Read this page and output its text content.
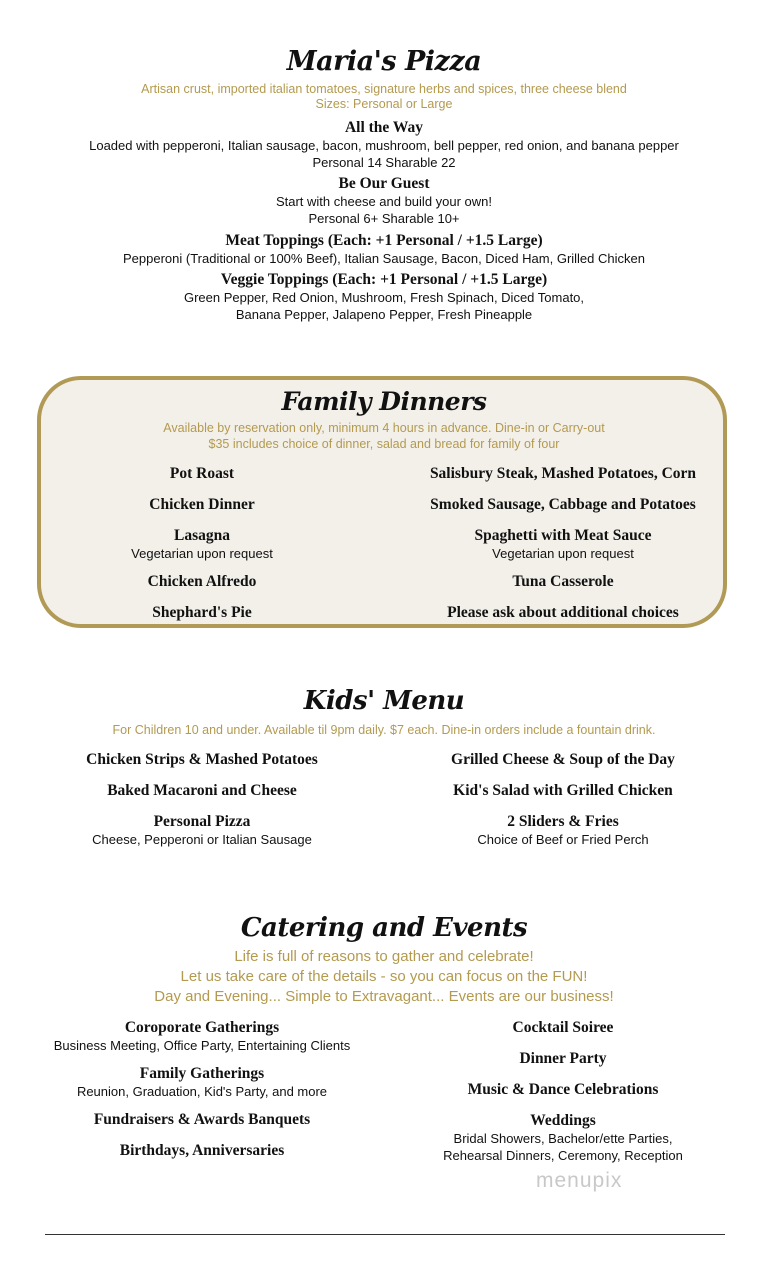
Maria's Pizza
Artisan crust, imported italian tomatoes, signature herbs and spices, three cheese blend
Sizes: Personal or Large
All the Way
Loaded with pepperoni, Italian sausage, bacon, mushroom, bell pepper, red onion, and banana pepper
Personal 14 Sharable 22
Be Our Guest
Start with cheese and build your own!
Personal 6+ Sharable 10+
Meat Toppings (Each: +1 Personal / +1.5 Large)
Pepperoni (Traditional or 100% Beef), Italian Sausage, Bacon, Diced Ham, Grilled Chicken
Veggie Toppings (Each: +1 Personal / +1.5 Large)
Green Pepper, Red Onion, Mushroom, Fresh Spinach, Diced Tomato,
Banana Pepper, Jalapeno Pepper, Fresh Pineapple
Family Dinners
Available by reservation only, minimum 4 hours in advance. Dine-in or Carry-out
$35 includes choice of dinner, salad and bread for family of four
Pot Roast
Chicken Dinner
Lasagna
Vegetarian upon request
Chicken Alfredo
Shephard's Pie
Salisbury Steak, Mashed Potatoes, Corn
Smoked Sausage, Cabbage and Potatoes
Spaghetti with Meat Sauce
Vegetarian upon request
Tuna Casserole
Please ask about additional choices
Kids' Menu
For Children 10 and under. Available til 9pm daily. $7 each. Dine-in orders include a fountain drink.
Chicken Strips & Mashed Potatoes
Baked Macaroni and Cheese
Personal Pizza
Cheese, Pepperoni or Italian Sausage
Grilled Cheese & Soup of the Day
Kid's Salad with Grilled Chicken
2 Sliders & Fries
Choice of Beef or Fried Perch
Catering and Events
Life is full of reasons to gather and celebrate!
Let us take care of the details - so you can focus on the FUN!
Day and Evening... Simple to Extravagant... Events are our business!
Coroporate Gatherings
Business Meeting, Office Party, Entertaining Clients
Family Gatherings
Reunion, Graduation, Kid's Party, and more
Fundraisers & Awards Banquets
Birthdays, Anniversaries
Cocktail Soiree
Dinner Party
Music & Dance Celebrations
Weddings
Bridal Showers, Bachelor/ette Parties,
Rehearsal Dinners, Ceremony, Reception
menupix
